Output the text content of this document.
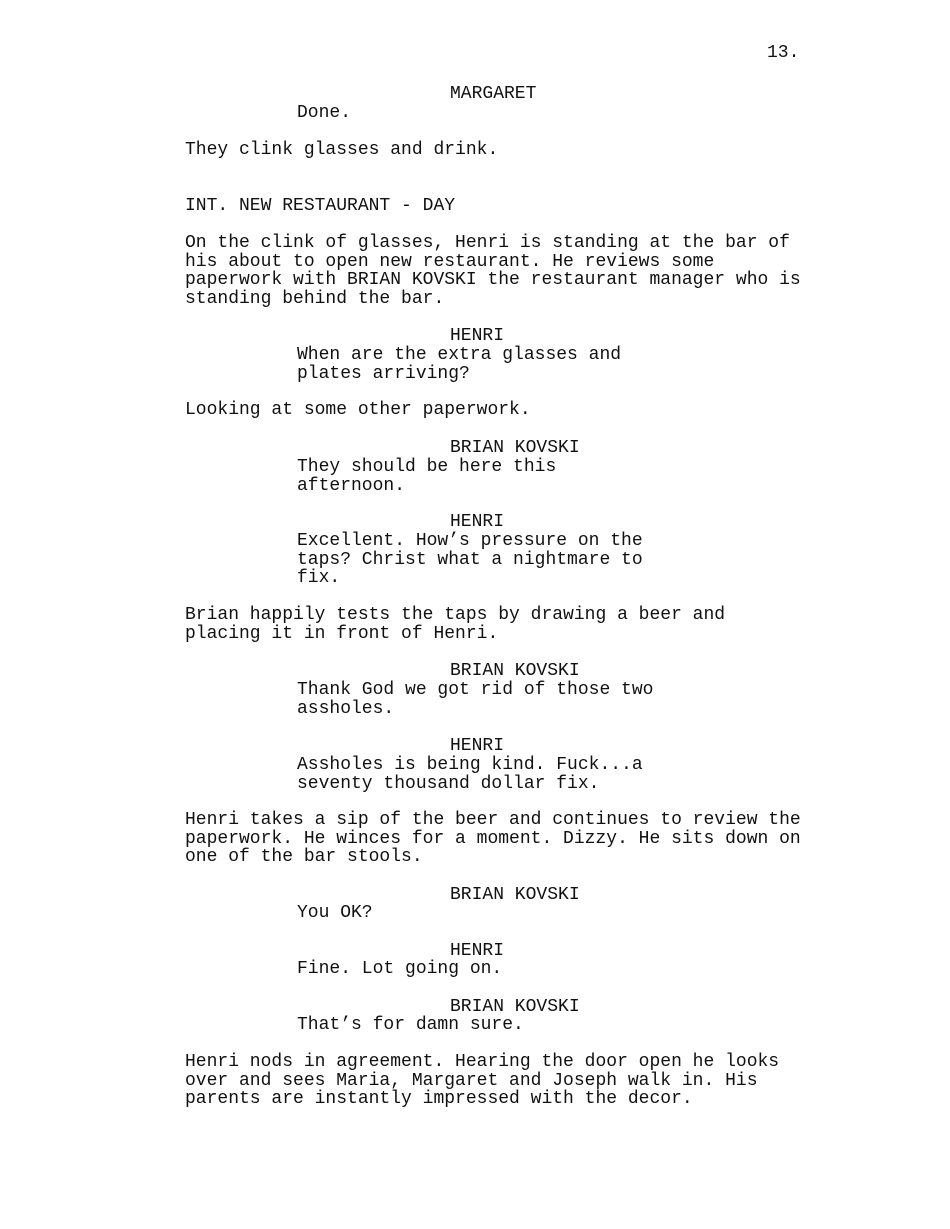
13.

MARGARET

Done.

They clink glasses and drink.

INT. NEW RESTAURANT - DAY

On the clink of glasses, Henri is standing at the bar of
his about to open new restaurant. He reviews some
paperwork with BRIAN KOVSKI the restaurant manager who is
standing behind the bar.

HENRI

When are the extra glasses and
plates arriving?

Looking at some other paperwork.

BRIAN KOVSKI

They should be here this
afternoon.

HENRI

Excellent. How’s pressure on the
taps? Christ what a nightmare to
fix.

Brian happily tests the taps by drawing a beer and
placing it in front of Henri.

BRIAN KOVSKI

Thank God we got rid of those two
assholes.

HENRI

Assholes is being kind. Fuck...a
seventy thousand dollar fix.

Henri takes a sip of the beer and continues to review the
paperwork. He winces for a moment. Dizzy. He sits down on
one of the bar stools.

BRIAN KOVSKI

You OK?

HENRI

Fine. Lot going on.

BRIAN KOVSKI

That’s for damn sure.

Henri nods in agreement. Hearing the door open he looks
over and sees Maria, Margaret and Joseph walk in. His
parents are instantly impressed with the decor.
